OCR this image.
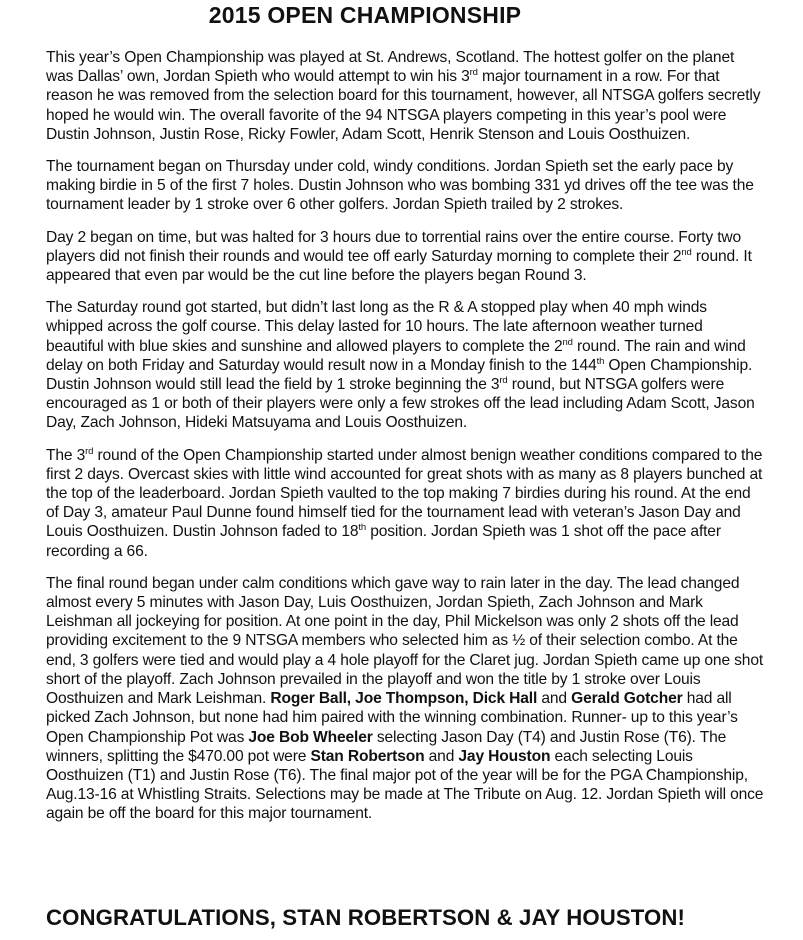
2015 OPEN CHAMPIONSHIP

This year’s Open Championship was played at St. Andrews, Scotland. The hottest golfer on the planet was Dallas’ own, Jordan Spieth who would attempt to win his 3rd major tournament in a row. For that reason he was removed from the selection board for this tournament, however, all NTSGA golfers secretly hoped he would win. The overall favorite of the 94 NTSGA players competing in this year’s pool were Dustin Johnson, Justin Rose, Ricky Fowler, Adam Scott, Henrik Stenson and Louis Oosthuizen.

The tournament began on Thursday under cold, windy conditions. Jordan Spieth set the early pace by making birdie in 5 of the first 7 holes. Dustin Johnson who was bombing 331 yd drives off the tee was the tournament leader by 1 stroke over 6 other golfers. Jordan Spieth trailed by 2 strokes.

Day 2 began on time, but was halted for 3 hours due to torrential rains over the entire course. Forty two players did not finish their rounds and would tee off early Saturday morning to complete their 2nd round. It appeared that even par would be the cut line before the players began Round 3.

The Saturday round got started, but didn’t last long as the R & A stopped play when 40 mph winds whipped across the golf course. This delay lasted for 10 hours. The late afternoon weather turned beautiful with blue skies and sunshine and allowed players to complete the 2nd round. The rain and wind delay on both Friday and Saturday would result now in a Monday finish to the 144th Open Championship. Dustin Johnson would still lead the field by 1 stroke beginning the 3rd round, but NTSGA golfers were encouraged as 1 or both of their players were only a few strokes off the lead including Adam Scott, Jason Day, Zach Johnson, Hideki Matsuyama and Louis Oosthuizen.

The 3rd round of the Open Championship started under almost benign weather conditions compared to the first 2 days. Overcast skies with little wind accounted for great shots with as many as 8 players bunched at the top of the leaderboard. Jordan Spieth vaulted to the top making 7 birdies during his round. At the end of Day 3, amateur Paul Dunne found himself tied for the tournament lead with veteran’s Jason Day and Louis Oosthuizen. Dustin Johnson faded to 18th position. Jordan Spieth was 1 shot off the pace after recording a 66.

The final round began under calm conditions which gave way to rain later in the day. The lead changed almost every 5 minutes with Jason Day, Luis Oosthuizen, Jordan Spieth, Zach Johnson and Mark Leishman all jockeying for position. At one point in the day, Phil Mickelson was only 2 shots off the lead providing excitement to the 9 NTSGA members who selected him as ½ of their selection combo. At the end, 3 golfers were tied and would play a 4 hole playoff for the Claret jug. Jordan Spieth came up one shot short of the playoff. Zach Johnson prevailed in the playoff and won the title by 1 stroke over Louis Oosthuizen and Mark Leishman. Roger Ball, Joe Thompson, Dick Hall and Gerald Gotcher had all picked Zach Johnson, but none had him paired with the winning combination. Runner- up to this year’s Open Championship Pot was Joe Bob Wheeler selecting Jason Day (T4) and Justin Rose (T6). The winners, splitting the $470.00 pot were Stan Robertson and Jay Houston each selecting Louis Oosthuizen (T1) and Justin Rose (T6). The final major pot of the year will be for the PGA Championship, Aug.13-16 at Whistling Straits. Selections may be made at The Tribute on Aug. 12. Jordan Spieth will once again be off the board for this major tournament.

CONGRATULATIONS, STAN ROBERTSON & JAY HOUSTON!
